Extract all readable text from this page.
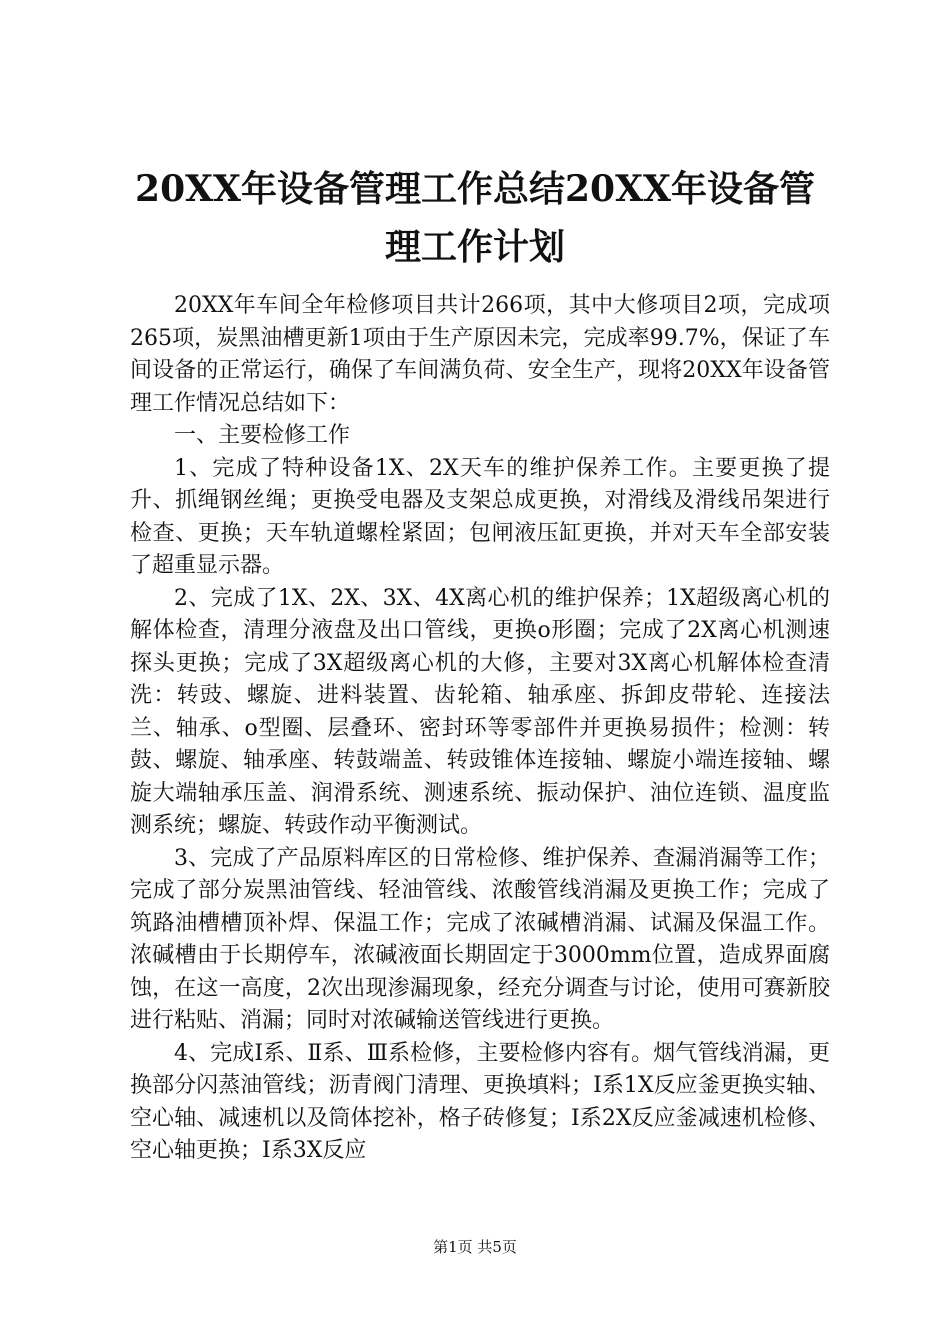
20XX年设备管理工作总结20XX年设备管理工作计划

20XX年车间全年检修项目共计266项，其中大修项目2项，完成项265项，炭黑油槽更新1项由于生产原因未完，完成率99.7%，保证了车间设备的正常运行，确保了车间满负荷、安全生产，现将20XX年设备管理工作情况总结如下：

一、主要检修工作

1、完成了特种设备1X、2X天车的维护保养工作。主要更换了提升、抓绳钢丝绳；更换受电器及支架总成更换，对滑线及滑线吊架进行检查、更换；天车轨道螺栓紧固；包闸液压缸更换，并对天车全部安装了超重显示器。

2、完成了1X、2X、3X、4X离心机的维护保养；1X超级离心机的解体检查，清理分液盘及出口管线，更换o形圈；完成了2X离心机测速探头更换；完成了3X超级离心机的大修，主要对3X离心机解体检查清洗：转豉、螺旋、进料装置、齿轮箱、轴承座、拆卸皮带轮、连接法兰、轴承、o型圈、层叠环、密封环等零部件并更换易损件；检测：转鼓、螺旋、轴承座、转鼓端盖、转豉锥体连接轴、螺旋小端连接轴、螺旋大端轴承压盖、润滑系统、测速系统、振动保护、油位连锁、温度监测系统；螺旋、转豉作动平衡测试。

3、完成了产品原料库区的日常检修、维护保养、查漏消漏等工作；完成了部分炭黑油管线、轻油管线、浓酸管线消漏及更换工作；完成了筑路油槽槽顶补焊、保温工作；完成了浓碱槽消漏、试漏及保温工作。浓碱槽由于长期停车，浓碱液面长期固定于3000mm位置，造成界面腐蚀，在这一高度，2次出现渗漏现象，经充分调查与讨论，使用可赛新胶进行粘贴、消漏；同时对浓碱输送管线进行更换。

4、完成Ⅰ系、Ⅱ系、Ⅲ系检修，主要检修内容有。烟气管线消漏，更换部分闪蒸油管线；沥青阀门清理、更换填料；Ⅰ系1X反应釜更换实轴、空心轴、减速机以及筒体挖补，格子砖修复；Ⅰ系2X反应釜减速机检修、空心轴更换；Ⅰ系3X反应

第1页 共5页
